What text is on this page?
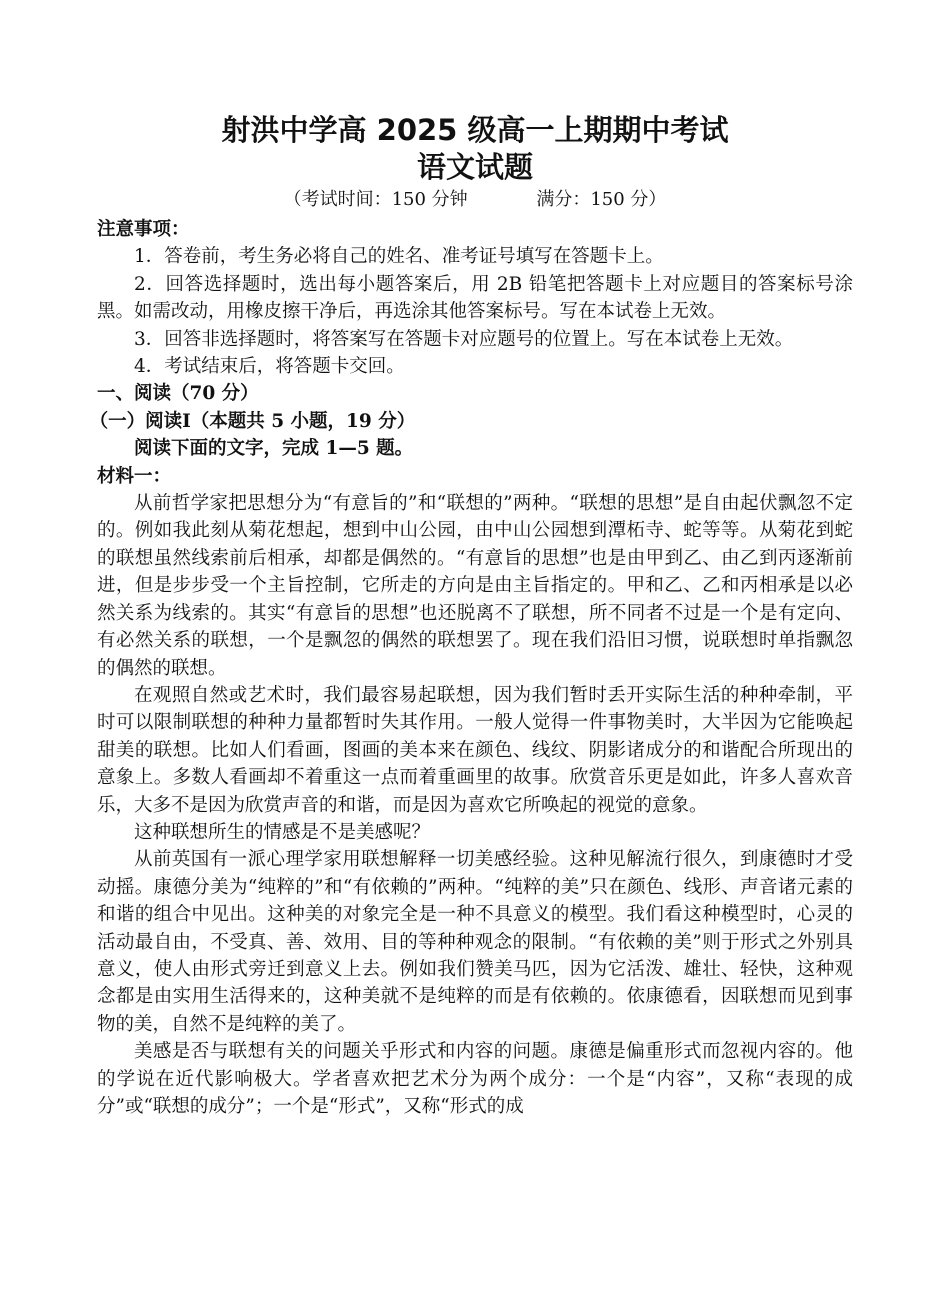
射洪中学高 2025 级高一上期期中考试
语文试题
（考试时间：150 分钟	满分：150 分）

注意事项：

1．答卷前，考生务必将自己的姓名、准考证号填写在答题卡上。

2．回答选择题时，选出每小题答案后，用 2B 铅笔把答题卡上对应题目的答案标号涂黑。如需改动，用橡皮擦干净后，再选涂其他答案标号。写在本试卷上无效。

3．回答非选择题时，将答案写在答题卡对应题号的位置上。写在本试卷上无效。

4．考试结束后，将答题卡交回。

一、阅读（70 分）

（一）阅读Ⅰ（本题共 5 小题，19 分）

阅读下面的文字，完成 1—5 题。

材料一：

从前哲学家把思想分为“有意旨的”和“联想的”两种。“联想的思想”是自由起伏飘忽不定的。例如我此刻从菊花想起，想到中山公园，由中山公园想到潭柘寺、蛇等等。从菊花到蛇的联想虽然线索前后相承，却都是偶然的。“有意旨的思想”也是由甲到乙、由乙到丙逐渐前进，但是步步受一个主旨控制，它所走的方向是由主旨指定的。甲和乙、乙和丙相承是以必然关系为线索的。其实“有意旨的思想”也还脱离不了联想，所不同者不过是一个是有定向、有必然关系的联想，一个是飘忽的偶然的联想罢了。现在我们沿旧习惯，说联想时单指飘忽的偶然的联想。

在观照自然或艺术时，我们最容易起联想，因为我们暂时丢开实际生活的种种牵制，平时可以限制联想的种种力量都暂时失其作用。一般人觉得一件事物美时，大半因为它能唤起甜美的联想。比如人们看画，图画的美本来在颜色、线纹、阴影诸成分的和谐配合所现出的意象上。多数人看画却不着重这一点而着重画里的故事。欣赏音乐更是如此，许多人喜欢音乐，大多不是因为欣赏声音的和谐，而是因为喜欢它所唤起的视觉的意象。

这种联想所生的情感是不是美感呢？

从前英国有一派心理学家用联想解释一切美感经验。这种见解流行很久，到康德时才受动摇。康德分美为“纯粹的”和“有依赖的”两种。“纯粹的美”只在颜色、线形、声音诸元素的和谐的组合中见出。这种美的对象完全是一种不具意义的模型。我们看这种模型时，心灵的活动最自由，不受真、善、效用、目的等种种观念的限制。“有依赖的美”则于形式之外别具意义，使人由形式旁迁到意义上去。例如我们赞美马匹，因为它活泼、雄壮、轻快，这种观念都是由实用生活得来的，这种美就不是纯粹的而是有依赖的。依康德看，因联想而见到事物的美，自然不是纯粹的美了。

美感是否与联想有关的问题关乎形式和内容的问题。康德是偏重形式而忽视内容的。他的学说在近代影响极大。学者喜欢把艺术分为两个成分：一个是“内容”，又称“表现的成分”或“联想的成分”；一个是“形式”，又称“形式的成
